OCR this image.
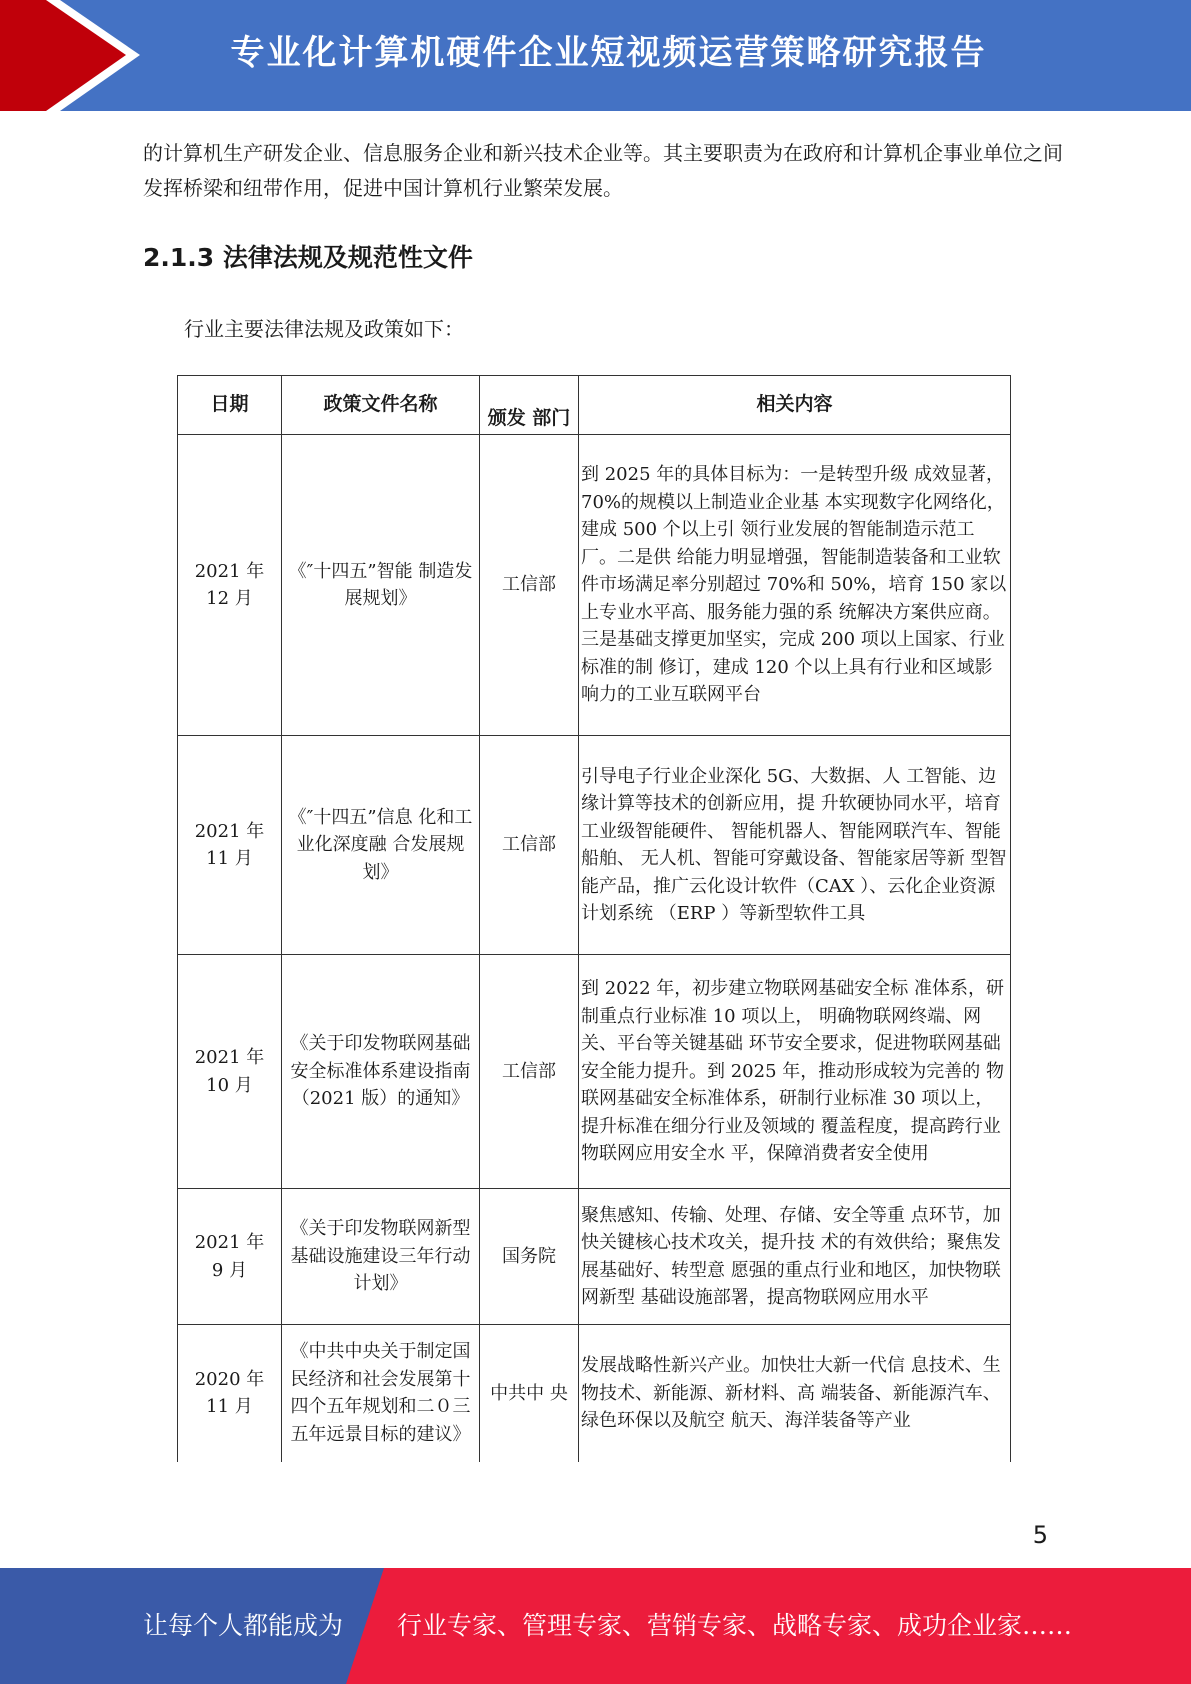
专业化计算机硬件企业短视频运营策略研究报告

的计算机生产研发企业、信息服务企业和新兴技术企业等。其主要职责为在政府和计算机企事业单位之间发挥桥梁和纽带作用，促进中国计算机行业繁荣发展。

2.1.3 法律法规及规范性文件

行业主要法律法规及政策如下：

日期	政策文件名称	颁发 部门	相关内容

2021 年
12 月	《″十四五”智能 制造发展规划》	工信部	到 2025 年的具体目标为：一是转型升级 成效显著，70%的规模以上制造业企业基 本实现数字化网络化，建成 500 个以上引 领行业发展的智能制造示范工厂。二是供 给能力明显增强，智能制造装备和工业软 件市场满足率分别超过 70%和 50%，培育 150 家以上专业水平高、服务能力强的系 统解决方案供应商。三是基础支撑更加坚实，完成 200 项以上国家、行业标准的制 修订，建成 120 个以上具有行业和区域影 响力的工业互联网平台

2021 年
11 月	《″十四五”信息 化和工业化深度融 合发展规划》	工信部	引导电子行业企业深化 5G、大数据、人 工智能、边缘计算等技术的创新应用，提 升软硬协同水平，培育工业级智能硬件、 智能机器人、智能网联汽车、智能船舶、 无人机、智能可穿戴设备、智能家居等新 型智能产品，推广云化设计软件（CAX ）、云化企业资源计划系统 （ERP ）等新型软件工具

2021 年
10 月	《关于印发物联网基础安全标准体系建设指南（2021 版）的通知》	工信部	到 2022 年，初步建立物联网基础安全标 准体系，研制重点行业标准 10 项以上， 明确物联网终端、网关、平台等关键基础 环节安全要求，促进物联网基础安全能力提升。到 2025 年，推动形成较为完善的 物联网基础安全标准体系，研制行业标准 30 项以上，提升标准在细分行业及领域的 覆盖程度，提高跨行业物联网应用安全水 平，保障消费者安全使用

2021 年
9 月	《关于印发物联网新型基础设施建设三年行动计划》	国务院	聚焦感知、传输、处理、存储、安全等重 点环节，加快关键核心技术攻关，提升技 术的有效供给；聚焦发展基础好、转型意 愿强的重点行业和地区，加快物联网新型 基础设施部署，提高物联网应用水平

2020 年
11 月	《中共中央关于制定国民经济和社会发展第十四个五年规划和二０三五年远景目标的建议》	中共中 央	发展战略性新兴产业。加快壮大新一代信 息技术、生物技术、新能源、新材料、高 端装备、新能源汽车、绿色环保以及航空 航天、海洋装备等产业
5
让每个人都能成为 行业专家、管理专家、营销专家、战略专家、成功企业家……
